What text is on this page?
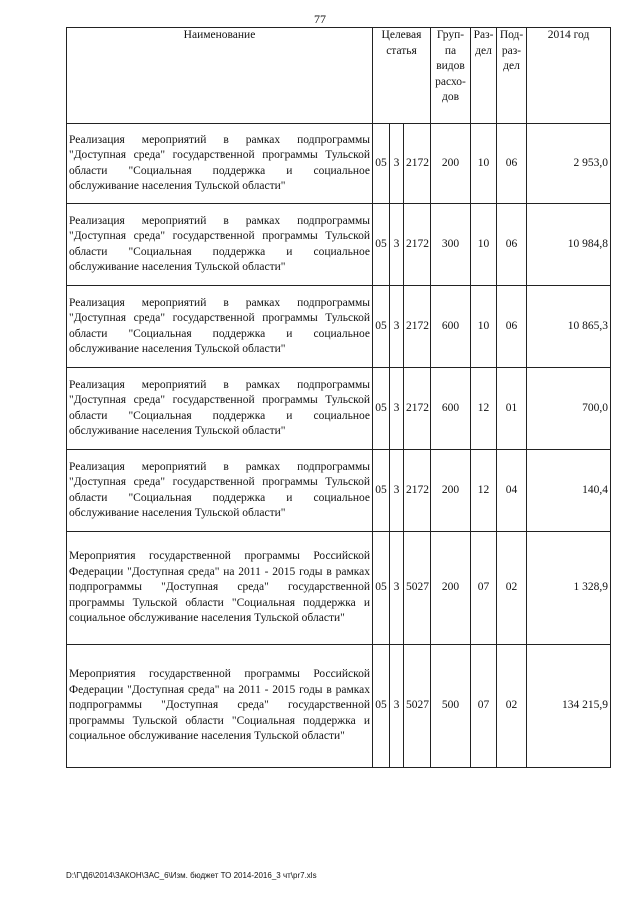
77
Наименование	Целевая статья			Груп-па видов расхо-дов	Раз-дел	Под-раз-дел	2014 год
Реализация мероприятий в рамках подпрограммы "Доступная среда" государственной программы Тульской области "Социальная поддержка и социальное обслуживание населения Тульской области"	05	3	2172	200	10	06	2 953,0
Реализация мероприятий в рамках подпрограммы "Доступная среда" государственной программы Тульской области "Социальная поддержка и социальное обслуживание населения Тульской области"	05	3	2172	300	10	06	10 984,8
Реализация мероприятий в рамках подпрограммы "Доступная среда" государственной программы Тульской области "Социальная поддержка и социальное обслуживание населения Тульской области"	05	3	2172	600	10	06	10 865,3
Реализация мероприятий в рамках подпрограммы "Доступная среда" государственной программы Тульской области "Социальная поддержка и социальное обслуживание населения Тульской области"	05	3	2172	600	12	01	700,0
Реализация мероприятий в рамках подпрограммы "Доступная среда" государственной программы Тульской области "Социальная поддержка и социальное обслуживание населения Тульской области"	05	3	2172	200	12	04	140,4
Мероприятия государственной программы Российской Федерации "Доступная среда" на 2011 - 2015 годы в рамках подпрограммы "Доступная среда" государственной программы Тульской области "Социальная поддержка и социальное обслуживание населения Тульской области"	05	3	5027	200	07	02	1 328,9
Мероприятия государственной программы Российской Федерации "Доступная среда" на 2011 - 2015 годы в рамках подпрограммы "Доступная среда" государственной программы Тульской области "Социальная поддержка и социальное обслуживание населения Тульской области"	05	3	5027	500	07	02	134 215,9
D:\Г\Д6\2014\ЗАКОН\ЗАС_6\Изм. бюджет ТО 2014-2016_3 чт\pr7.xls
